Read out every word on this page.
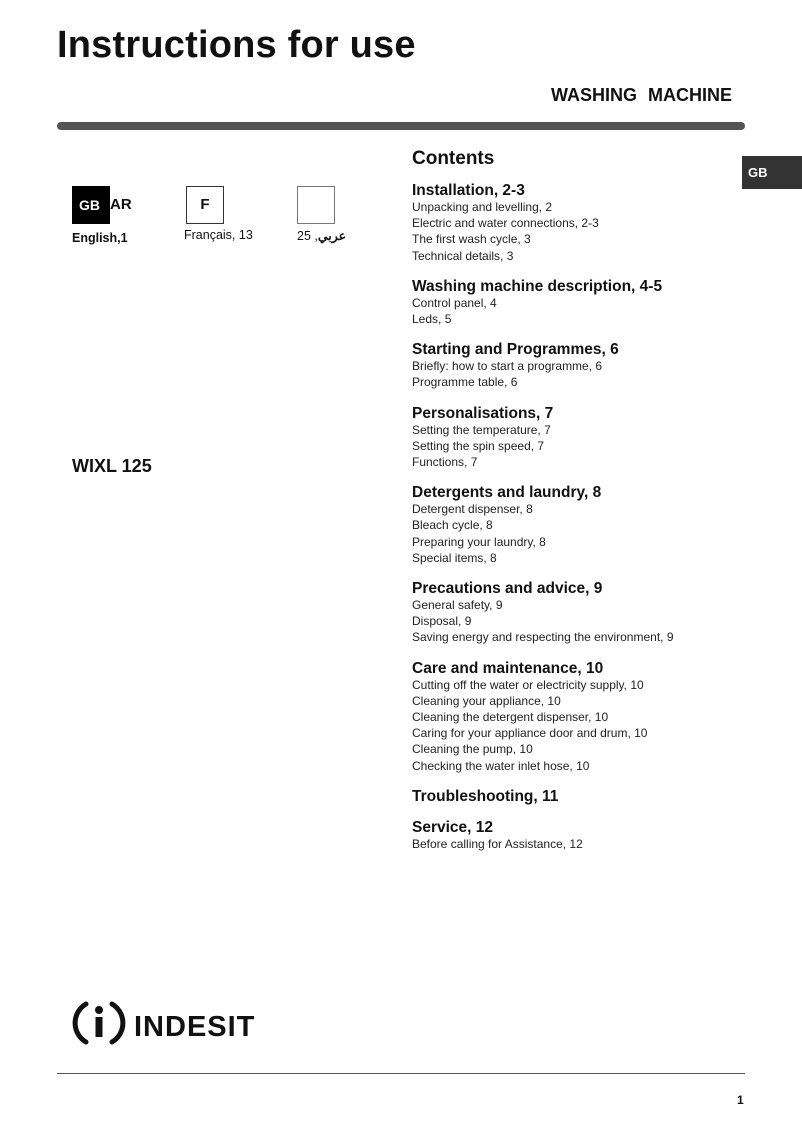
Instructions for use
WASHING MACHINE
GB
GB AR	F
English,1	Français, 13	عربي, 25
WIXL 125
Contents
Installation, 2-3
Unpacking and levelling, 2
Electric and water connections, 2-3
The first wash cycle, 3
Technical details, 3
Washing machine description, 4-5
Control panel, 4
Leds, 5
Starting and Programmes, 6
Briefly: how to start a programme, 6
Programme table, 6
Personalisations, 7
Setting the temperature, 7
Setting the spin speed, 7
Functions, 7
Detergents and laundry, 8
Detergent dispenser, 8
Bleach cycle, 8
Preparing your laundry, 8
Special items, 8
Precautions and advice, 9
General safety, 9
Disposal, 9
Saving energy and respecting the environment, 9
Care and maintenance, 10
Cutting off the water or electricity supply, 10
Cleaning your appliance, 10
Cleaning the detergent dispenser, 10
Caring for your appliance door and drum, 10
Cleaning the pump, 10
Checking the water inlet hose, 10
Troubleshooting, 11
Service, 12
Before calling for Assistance, 12
INDESIT
1
